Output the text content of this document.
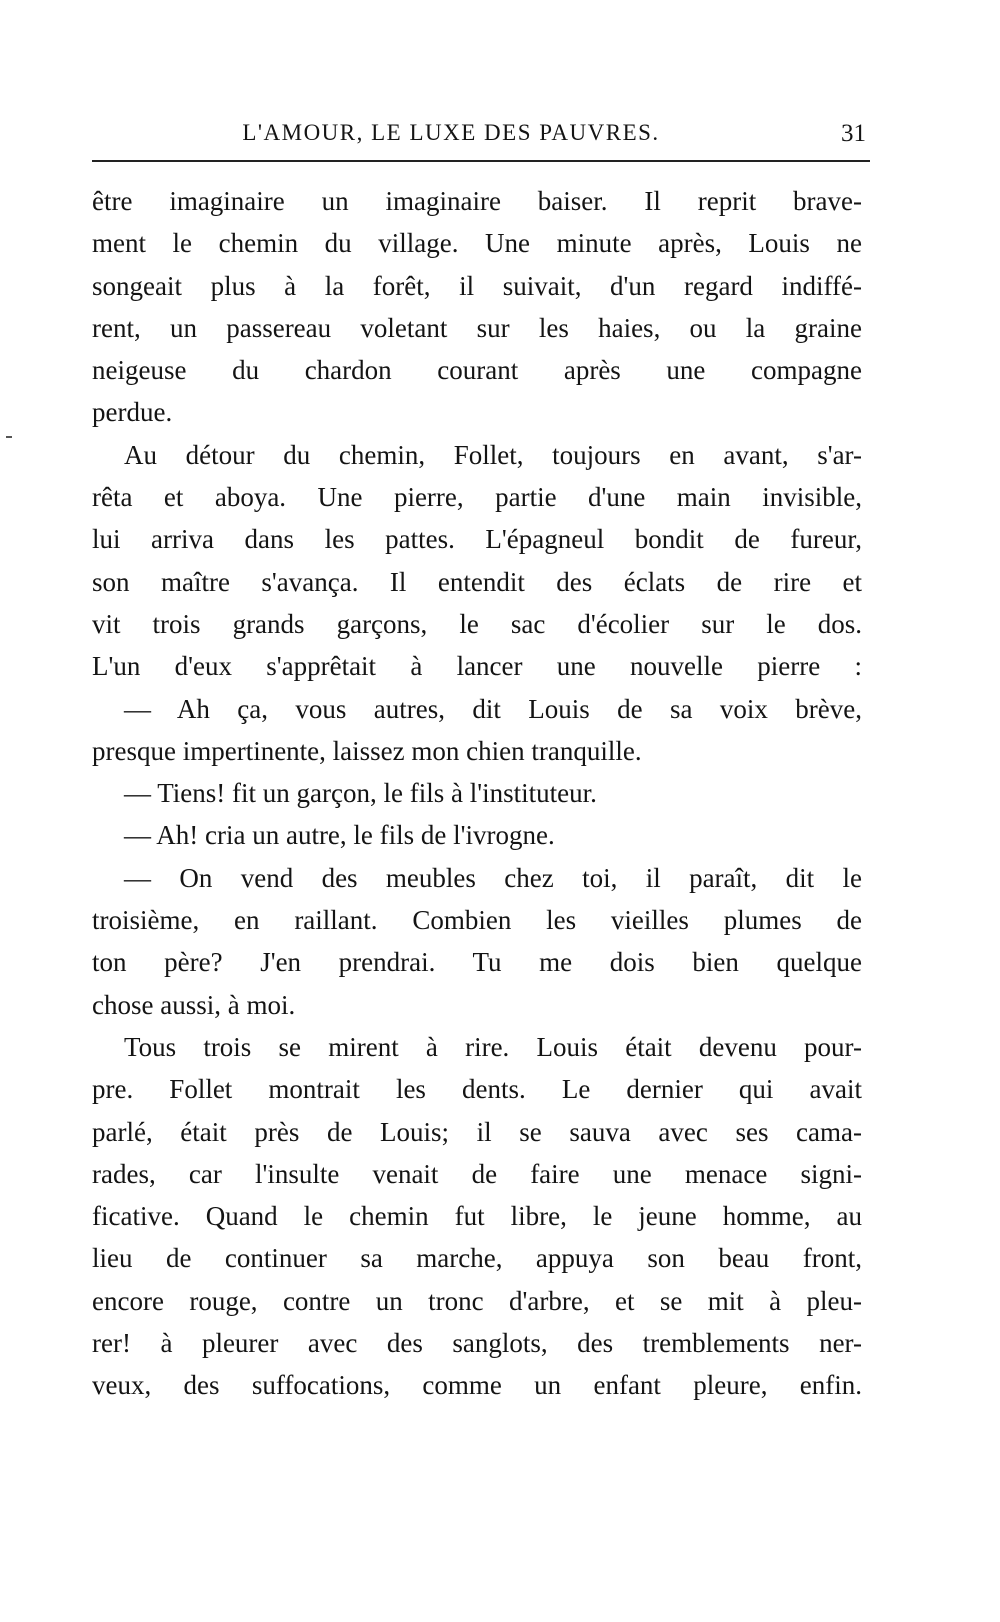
L'AMOUR, LE LUXE DES PAUVRES.	31
être imaginaire un imaginaire baiser. Il reprit brave-
ment le chemin du village. Une minute après, Louis ne
songeait plus à la forêt, il suivait, d'un regard indiffé-
rent, un passereau voletant sur les haies, ou la graine
neigeuse du chardon courant après une compagne
perdue.
Au détour du chemin, Follet, toujours en avant, s'ar-
rêta et aboya. Une pierre, partie d'une main invisible,
lui arriva dans les pattes. L'épagneul bondit de fureur,
son maître s'avança. Il entendit des éclats de rire et
vit trois grands garçons, le sac d'écolier sur le dos.
L'un d'eux s'apprêtait à lancer une nouvelle pierre :
— Ah ça, vous autres, dit Louis de sa voix brève,
presque impertinente, laissez mon chien tranquille.
— Tiens! fit un garçon, le fils à l'instituteur.
— Ah! cria un autre, le fils de l'ivrogne.
— On vend des meubles chez toi, il paraît, dit le
troisième, en raillant. Combien les vieilles plumes de
ton père? J'en prendrai. Tu me dois bien quelque
chose aussi, à moi.
Tous trois se mirent à rire. Louis était devenu pour-
pre. Follet montrait les dents. Le dernier qui avait
parlé, était près de Louis; il se sauva avec ses cama-
rades, car l'insulte venait de faire une menace signi-
ficative. Quand le chemin fut libre, le jeune homme, au
lieu de continuer sa marche, appuya son beau front,
encore rouge, contre un tronc d'arbre, et se mit à pleu-
rer! à pleurer avec des sanglots, des tremblements ner-
veux, des suffocations, comme un enfant pleure, enfin.
